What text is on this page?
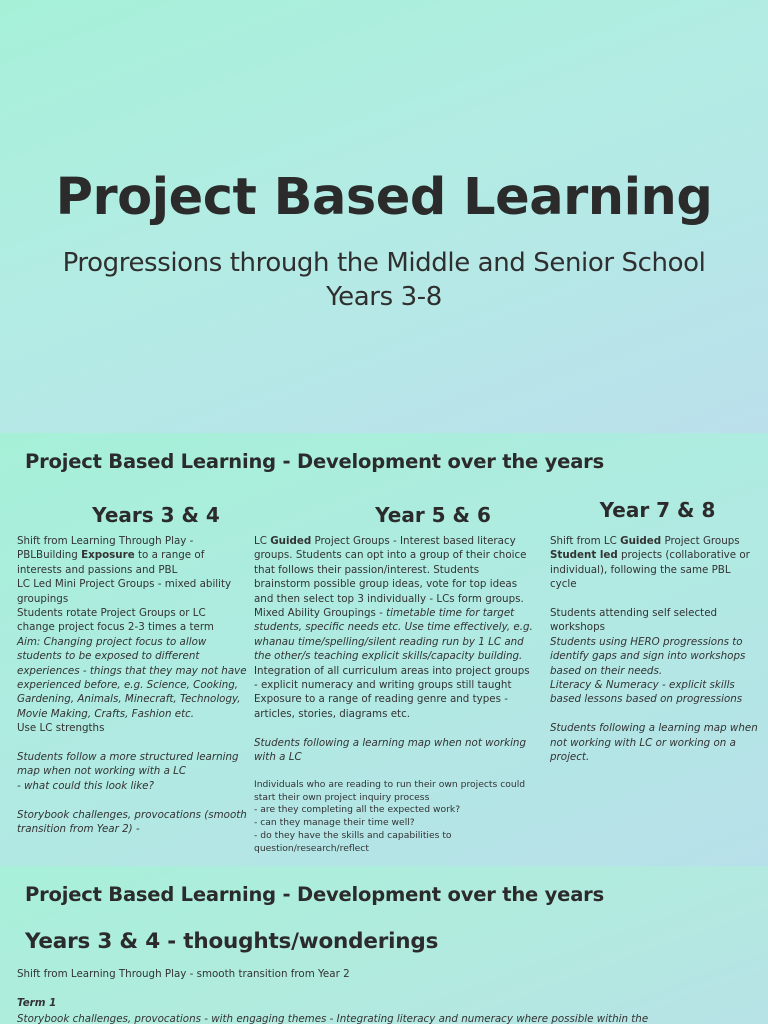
Project Based Learning
Progressions through the Middle and Senior School
Years 3-8
Project Based Learning - Development over the years
Years 3 & 4	Year 5 & 6	Year 7 & 8

Shift from Learning Through Play -

PBLBuilding Exposure to a range of

interests and passions and PBL

LC Led Mini Project Groups - mixed ability

groupings

Students rotate Project Groups or LC

change project focus 2-3 times a term

Aim: Changing project focus to allow

students to be exposed to different

experiences - things that they may not have

experienced before, e.g. Science, Cooking,

Gardening, Animals, Minecraft, Technology,

Movie Making, Crafts, Fashion etc.

Use LC strengths

Students follow a more structured learning

map when not working with a LC

- what could this look like?

Storybook challenges, provocations (smooth

transition from Year 2) -

LC Guided Project Groups - Interest based literacy

groups. Students can opt into a group of their choice

that follows their passion/interest. Students

brainstorm possible group ideas, vote for top ideas

and then select top 3 individually - LCs form groups.

Mixed Ability Groupings - timetable time for target

students, specific needs etc. Use time effectively, e.g.

whanau time/spelling/silent reading run by 1 LC and

the other/s teaching explicit skills/capacity building.

Integration of all curriculum areas into project groups

- explicit numeracy and writing groups still taught

Exposure to a range of reading genre and types -

articles, stories, diagrams etc.

Students following a learning map when not working

with a LC

Individuals who are reading to run their own projects could

start their own project inquiry process

- are they completing all the expected work?

- can they manage their time well?

- do they have the skills and capabilities to

question/research/reflect

Shift from LC Guided Project Groups

Student led projects (collaborative or

individual), following the same PBL

cycle

Students attending self selected

workshops

Students using HERO progressions to

identify gaps and sign into workshops

based on their needs.

Literacy & Numeracy - explicit skills

based lessons based on progressions

Students following a learning map when

not working with LC or working on a

project.

Project Based Learning - Development over the years
Years 3 & 4 - thoughts/wonderings
Shift from Learning Through Play - smooth transition from Year 2
Term 1
Storybook challenges, provocations - with engaging themes - Integrating literacy and numeracy where possible within the
